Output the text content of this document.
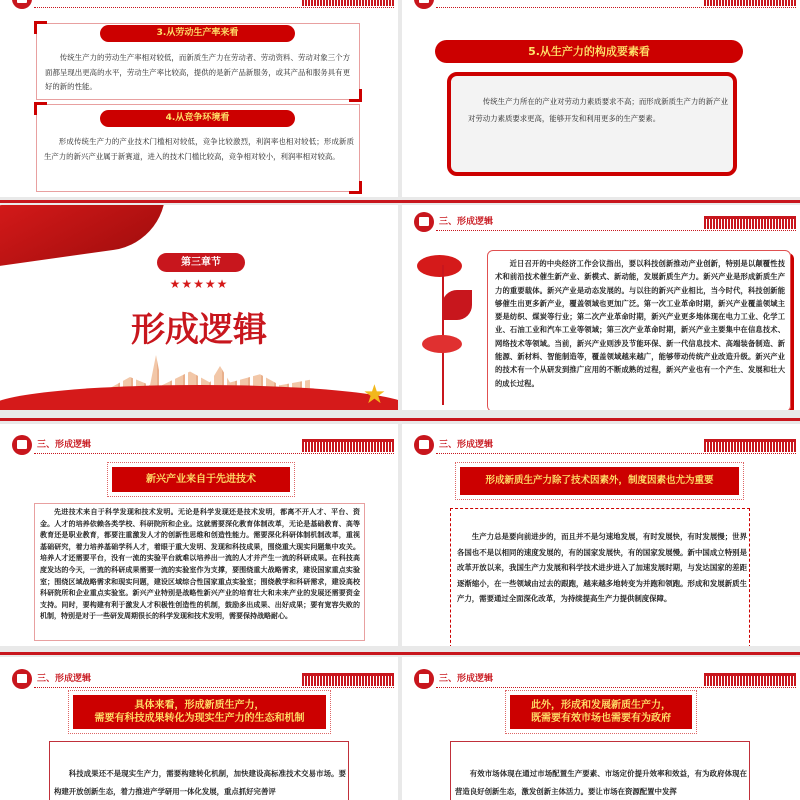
3.从劳动生产率来看
传统生产力的劳动生产率相对较低，而新质生产力在劳动者、劳动资料、劳动对象三个方面都呈现出更高的水平，劳动生产率比较高，提供的是新产品新服务，或其产品和服务具有更好的新的性能。
4.从竞争环境看
形成传统生产力的产业技术门槛相对较低，竞争比较激烈，利润率也相对较低；形成新质生产力的新兴产业属于新赛道，进入的技术门槛比较高，竞争相对较小，利润率相对较高。
5.从生产力的构成要素看
传统生产力所在的产业对劳动力素质要求不高；而形成新质生产力的新产业对劳动力素质要求更高，能够开发和利用更多的生产要素。
第三章节
★★★★★
形成逻辑
★
三、形成逻辑
近日召开的中央经济工作会议指出，要以科技创新推动产业创新，特别是以颠覆性技术和前沿技术催生新产业、新模式、新动能，发展新质生产力。新兴产业是形成新质生产力的重要载体。新兴产业是动态发展的。与以往的新兴产业相比，当今时代，科技创新能够催生出更多新产业，覆盖领域也更加广泛。第一次工业革命时期，新兴产业覆盖领域主要是纺织、煤炭等行业；第二次产业革命时期，新兴产业更多地体现在电力工业、化学工业、石油工业和汽车工业等领域；第三次产业革命时期，新兴产业主要集中在信息技术、网络技术等领域。当前，新兴产业则涉及节能环保、新一代信息技术、高端装备制造、新能源、新材料、智能制造等，覆盖领域越来越广，能够带动传统产业改造升级。新兴产业的技术有一个从研发到推广应用的不断成熟的过程，新兴产业也有一个产生、发展和壮大的成长过程。
三、形成逻辑
新兴产业来自于先进技术
先进技术来自于科学发现和技术发明。无论是科学发现还是技术发明，都离不开人才、平台、资金。人才的培养依赖各类学校、科研院所和企业。这就需要深化教育体制改革，无论是基础教育、高等教育还是职业教育，都要注重激发人才的创新性思维和创造性能力。需要深化科研体制机制改革，重视基础研究，着力培养基础学科人才，着眼于重大发明、发现和科技成果，围绕重大现实问题集中攻关。培养人才还需要平台，没有一流的实验平台就难以培养出一流的人才并产生一流的科研成果。在科技高度发达的今天，一流的科研成果需要一流的实验室作为支撑，要围绕重大战略需求，建设国家重点实验室；围绕区域战略需求和现实问题，建设区域综合性国家重点实验室；围绕教学和科研需求，建设高校科研院所和企业重点实验室。新兴产业特别是战略性新兴产业的培育壮大和未来产业的发展还需要资金支持。同时，要构建有利于激发人才积极性创造性的机制，鼓励多出成果、出好成果；要有宽容失败的机制，特别是对于一些研发周期很长的科学发现和技术发明，需要保持战略耐心。
三、形成逻辑
形成新质生产力除了技术因素外，制度因素也尤为重要
生产力总是要向前进步的，而且并不是匀速地发展，有时发展快，有时发展慢；世界各国也不是以相同的速度发展的，有的国家发展快，有的国家发展慢。新中国成立特别是改革开放以来，我国生产力发展和科学技术进步进入了加速发展时期，与发达国家的差距逐渐缩小，在一些领域由过去的跟跑，越来越多地转变为并跑和领跑。形成和发展新质生产力，需要通过全面深化改革，为持续提高生产力提供制度保障。
三、形成逻辑
具体来看，形成新质生产力，
需要有科技成果转化为现实生产力的生态和机制
科技成果还不是现实生产力，需要构建转化机制，加快建设高标准技术交易市场。要构建开放创新生态，着力推进产学研用一体化发展，重点抓好完善评
三、形成逻辑
此外，形成和发展新质生产力，
既需要有效市场也需要有为政府
有效市场体现在通过市场配置生产要素、市场定价提升效率和效益，有为政府体现在营造良好创新生态，激发创新主体活力。要让市场在资源配置中发挥
